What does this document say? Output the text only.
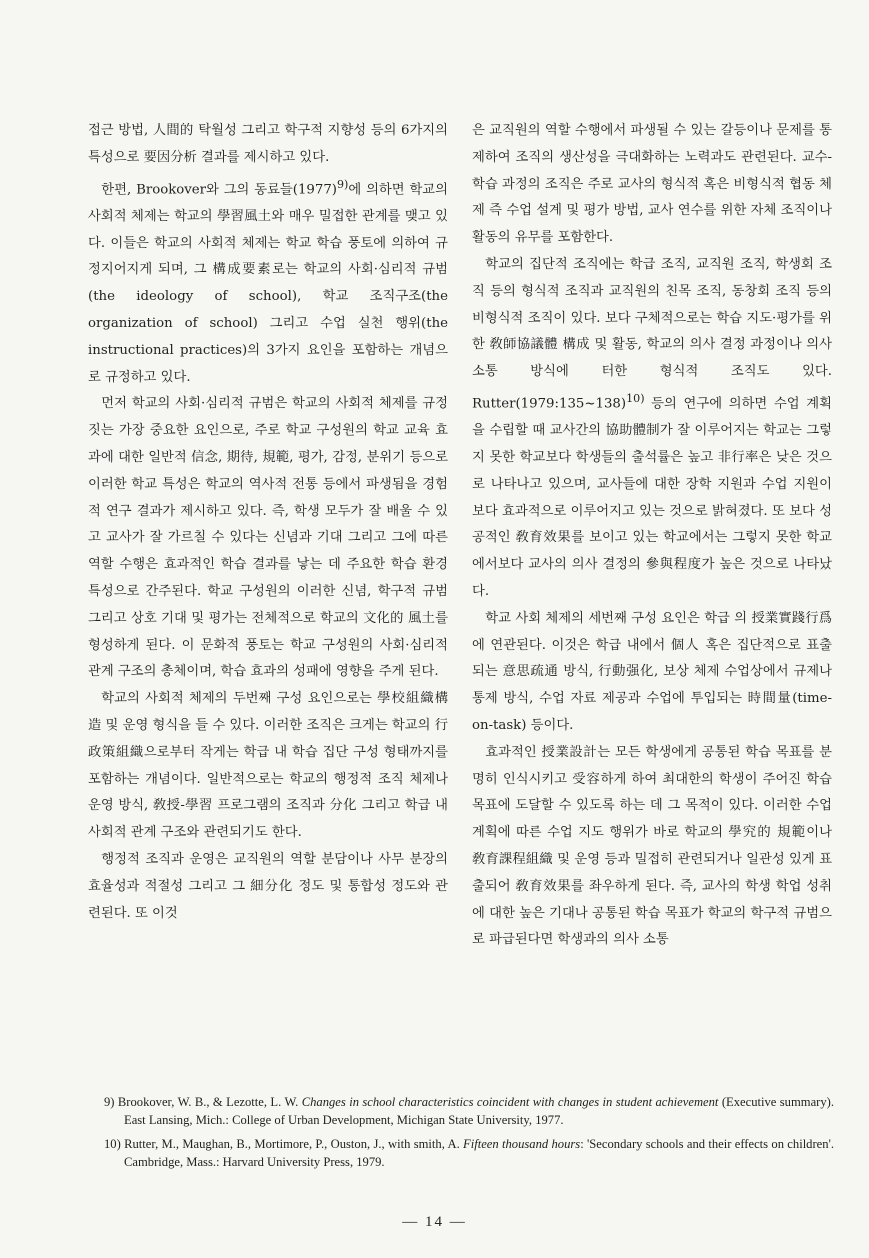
접근 방법, 人間的 탁월성 그리고 학구적 지향성 등의 6가지의 특성으로 要因分析 결과를 제시하고 있다.

한편, Brookover와 그의 동료들$(1977)^{9)}$에 의하면 학교의 사회적 체제는 학교의 學習風土와 매우 밀접한 관계를 맺고 있다. 이들은 학교의 사회적 체제는 학교 학습 풍토에 의하여 규정지어지게 되며, 그 構成要素로는 학교의 사회·심리적 규범(the ideology of school), 학교 조직구조(the organization of school) 그리고 수업 실천 행위(the instructional practices)의 3가지 요인을 포함하는 개념으로 규정하고 있다.

먼저 학교의 사회·심리적 규범은 학교의 사회적 체제를 규정짓는 가장 중요한 요인으로, 주로 학교 구성원의 학교 교육 효과에 대한 일반적 信念, 期待, 規範, 평가, 감정, 분위기 등으로 이러한 학교 특성은 학교의 역사적 전통 등에서 파생됨을 경험적 연구 결과가 제시하고 있다. 즉, 학생 모두가 잘 배울 수 있고 교사가 잘 가르칠 수 있다는 신념과 기대 그리고 그에 따른 역할 수행은 효과적인 학습 결과를 낳는 데 주요한 학습 환경 특성으로 간주된다. 학교 구성원의 이러한 신념, 학구적 규범 그리고 상호 기대 및 평가는 전체적으로 학교의 文化的 風土를 형성하게 된다. 이 문화적 풍토는 학교 구성원의 사회·심리적 관계 구조의 총체이며, 학습 효과의 성패에 영향을 주게 된다.

학교의 사회적 체제의 두번째 구성 요인으로는 學校組織構造 및 운영 형식을 들 수 있다. 이러한 조직은 크게는 학교의 行政策組織으로부터 작게는 학급 내 학습 집단 구성 형태까지를 포함하는 개념이다. 일반적으로는 학교의 행정적 조직 체제나 운영 방식, 敎授-學習 프로그램의 조직과 分化 그리고 학급 내 사회적 관계 구조와 관련되기도 한다.

행정적 조직과 운영은 교직원의 역할 분담이나 사무 분장의 효율성과 적절성 그리고 그 細分化 정도 및 통합성 정도와 관련된다. 또 이것

은 교직원의 역할 수행에서 파생될 수 있는 갈등이나 문제를 통제하여 조직의 생산성을 극대화하는 노력과도 관련된다. 교수-학습 과정의 조직은 주로 교사의 형식적 혹은 비형식적 협동 체제 즉 수업 설계 및 평가 방법, 교사 연수를 위한 자체 조직이나 활동의 유무를 포함한다.

학교의 집단적 조직에는 학급 조직, 교직원 조직, 학생회 조직 등의 형식적 조직과 교직원의 친목 조직, 동창회 조직 등의 비형식적 조직이 있다. 보다 구체적으로는 학습 지도·평가를 위한 敎師協議體 構成 및 활동, 학교의 의사 결정 과정이나 의사 소통 방식에 터한 형식적 조직도 있다. Rutter(1979:135~138)$^{10)}$ 등의 연구에 의하면 수업 계획을 수립할 때 교사간의 協助體制가 잘 이루어지는 학교는 그렇지 못한 학교보다 학생들의 출석률은 높고 非行率은 낮은 것으로 나타나고 있으며, 교사들에 대한 장학 지원과 수업 지원이 보다 효과적으로 이루어지고 있는 것으로 밝혀졌다. 또 보다 성공적인 敎育效果를 보이고 있는 학교에서는 그렇지 못한 학교에서보다 교사의 의사 결정의 參與程度가 높은 것으로 나타났다.

학교 사회 체제의 세번째 구성 요인은 학급 의 授業實踐行爲에 연관된다. 이것은 학급 내에서 個人 혹은 집단적으로 표출되는 意思疏通 방식, 行動强化, 보상 체제 수업상에서 규제나 통제 방식, 수업 자료 제공과 수업에 투입되는 時間量(time-on-task) 등이다.

효과적인 授業設計는 모든 학생에게 공통된 학습 목표를 분명히 인식시키고 受容하게 하여 최대한의 학생이 주어진 학습 목표에 도달할 수 있도록 하는 데 그 목적이 있다. 이러한 수업 계획에 따른 수업 지도 행위가 바로 학교의 學究的 規範이나 敎育課程組織 및 운영 등과 밀접히 관련되거나 일관성 있게 표출되어 敎育效果를 좌우하게 된다. 즉, 교사의 학생 학업 성취에 대한 높은 기대나 공통된 학습 목표가 학교의 학구적 규범으로 파급된다면 학생과의 의사 소통

9) Brookover, W. B., & Lezotte, L. W. Changes in school characteristics coincident with changes in student achievement (Executive summary). East Lansing, Mich.: College of Urban Development, Michigan State University, 1977.

10) Rutter, M., Maughan, B., Mortimore, P., Ouston, J., with smith, A. Fifteen thousand hours: 'Secondary schools and their effects on children'. Cambridge, Mass.: Harvard University Press, 1979.

— 14 —
